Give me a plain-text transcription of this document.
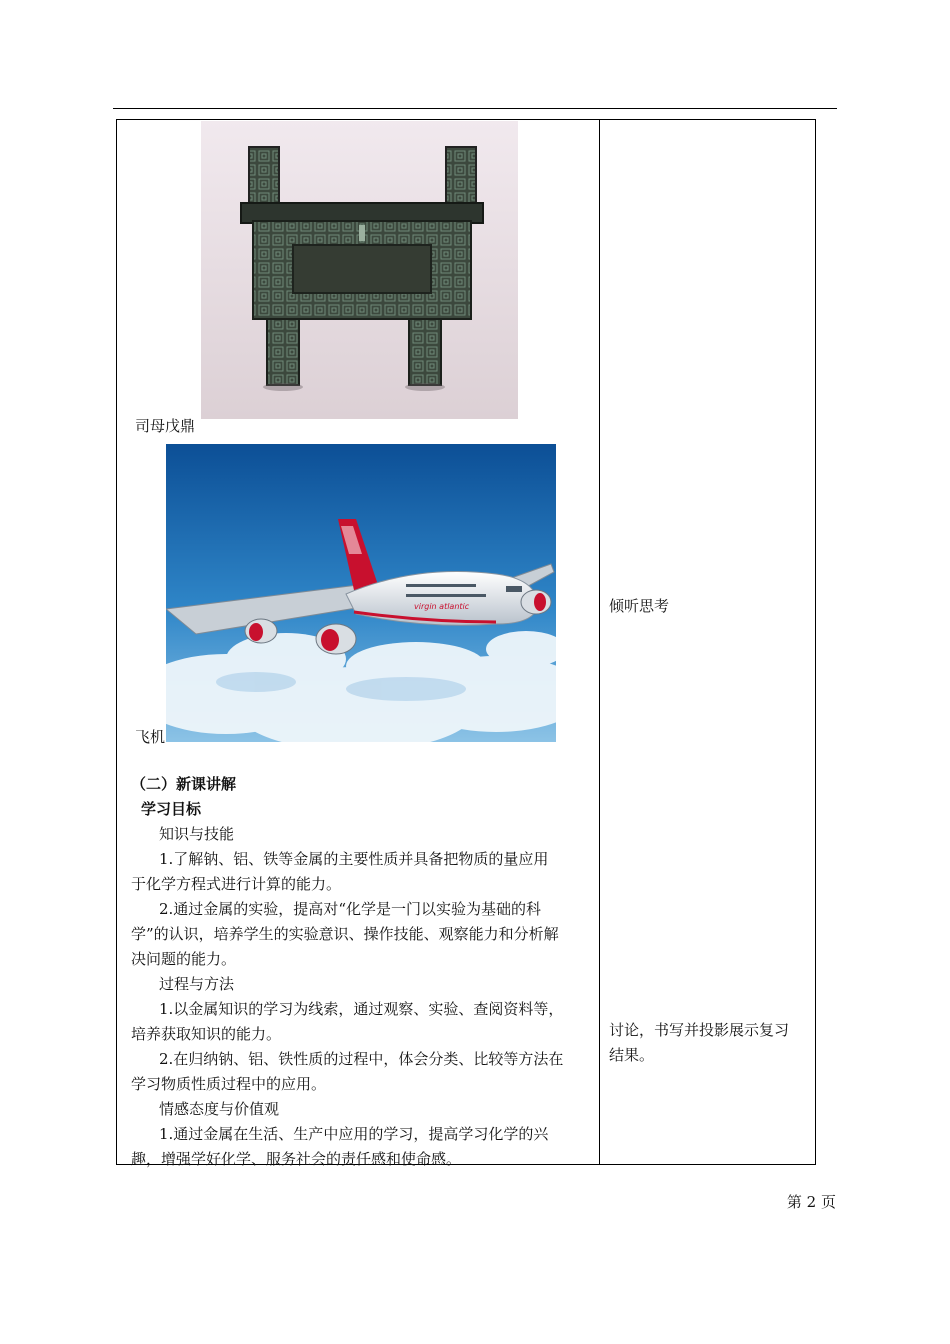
司母戊鼎
virgin atlantic
飞机
（二）新课讲解
学习目标
知识与技能
1.了解钠、铝、铁等金属的主要性质并具备把物质的量应用
于化学方程式进行计算的能力。
2.通过金属的实验，提高对“化学是一门以实验为基础的科
学”的认识，培养学生的实验意识、操作技能、观察能力和分析解
决问题的能力。
过程与方法
1.以金属知识的学习为线索，通过观察、实验、查阅资料等，
培养获取知识的能力。
2.在归纳钠、铝、铁性质的过程中，体会分类、比较等方法在
学习物质性质过程中的应用。
情感态度与价值观
1.通过金属在生活、生产中应用的学习，提高学习化学的兴
趣，增强学好化学、服务社会的责任感和使命感。
倾听思考
讨论，书写并投影展示复习
结果。
第 2 页
